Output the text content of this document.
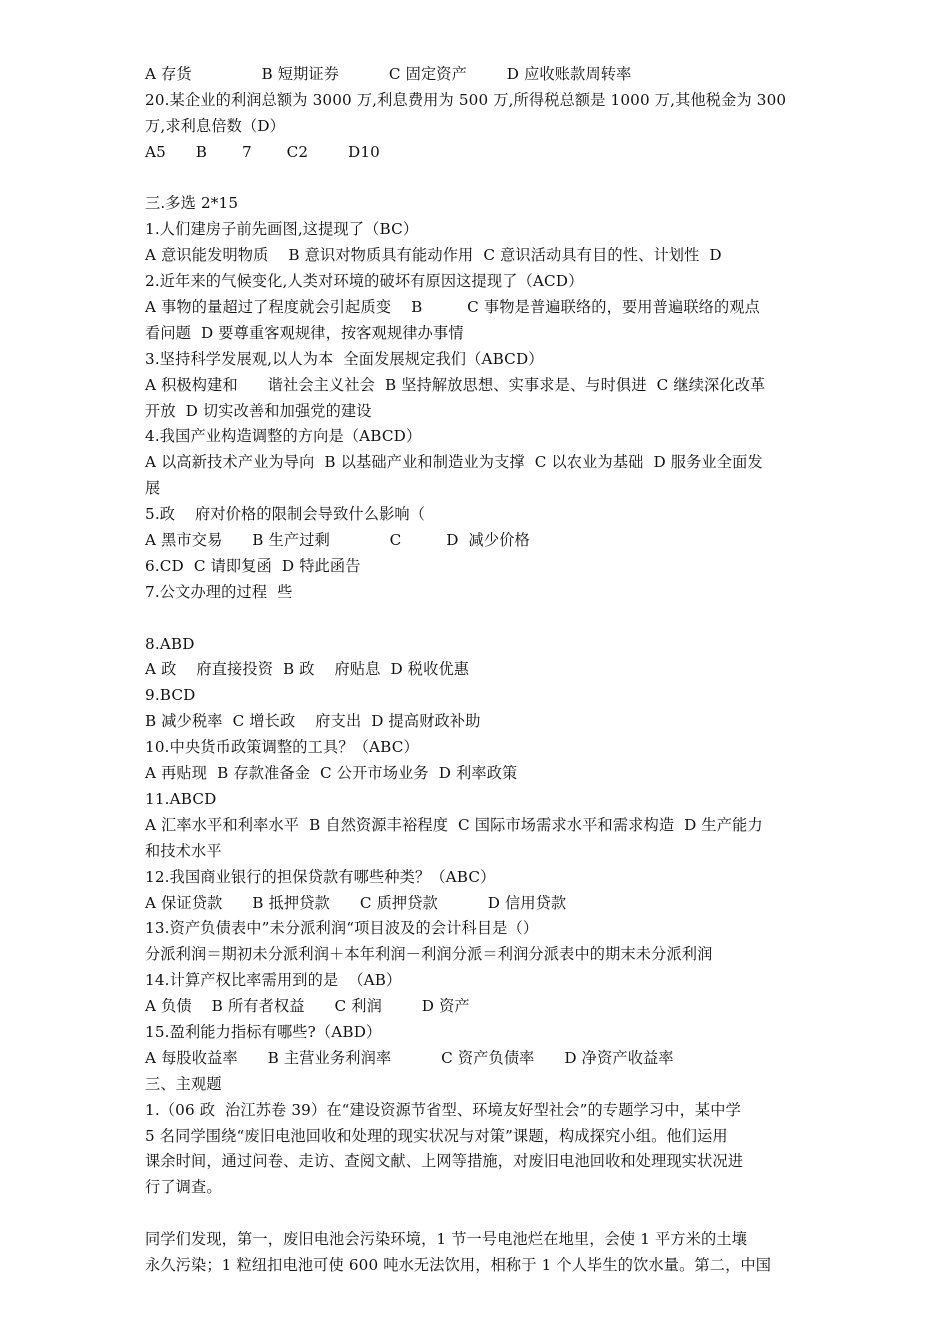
A 存货              B 短期证券          C 固定资产        D 应收账款周转率
20.某企业的利润总额为 3000 万,利息费用为 500 万,所得税总额是 1000 万,其他税金为 300
万,求利息倍数（D）
A5      B       7       C2        D10
三.多选 2*15
1.人们建房子前先画图,这提现了（BC）
A 意识能发明物质    B 意识对物质具有能动作用  C 意识活动具有目的性、计划性  D
2.近年来的气候变化,人类对环境的破坏有原因这提现了（ACD）
A 事物的量超过了程度就会引起质变    B         C 事物是普遍联络的，要用普遍联络的观点
看问题  D 要尊重客观规律，按客观规律办事情
3.坚持科学发展观,以人为本  全面发展规定我们（ABCD）
A 积极构建和      谐社会主义社会  B 坚持解放思想、实事求是、与时俱进  C 继续深化改革
开放  D 切实改善和加强党的建设
4.我国产业构造调整的方向是（ABCD）
A 以高新技术产业为导向  B 以基础产业和制造业为支撑  C 以农业为基础  D 服务业全面发
展
5.政    府对价格的限制会导致什么影响（
A 黑市交易      B 生产过剩            C         D  减少价格
6.CD  C 请即复函  D 特此函告
7.公文办理的过程  些
8.ABD
A 政    府直接投资  B 政    府贴息  D 税收优惠
9.BCD
B 减少税率  C 增长政    府支出  D 提高财政补助
10.中央货币政策调整的工具？（ABC）
A 再贴现  B 存款准备金  C 公开市场业务  D 利率政策
11.ABCD
A 汇率水平和利率水平  B 自然资源丰裕程度  C 国际市场需求水平和需求构造  D 生产能力
和技术水平
12.我国商业银行的担保贷款有哪些种类？（ABC）
A 保证贷款      B 抵押贷款      C 质押贷款          D 信用贷款
13.资产负债表中”未分派利润“项目波及的会计科目是（）
分派利润＝期初未分派利润＋本年利润－利润分派＝利润分派表中的期末未分派利润
14.计算产权比率需用到的是  （AB）
A 负债    B 所有者权益      C 利润        D 资产
15.盈利能力指标有哪些?（ABD）
A 每股收益率      B 主营业务利润率          C 资产负债率      D 净资产收益率
三、主观题
1.（06 政  治江苏卷 39）在“建设资源节省型、环境友好型社会”的专题学习中，某中学
5 名同学围绕“废旧电池回收和处理的现实状况与对策”课题，构成探究小组。他们运用
课余时间，通过问卷、走访、查阅文献、上网等措施，对废旧电池回收和处理现实状况进
行了调查。
同学们发现，第一，废旧电池会污染环境，1 节一号电池烂在地里，会使 1 平方米的土壤
永久污染；1 粒纽扣电池可使 600 吨水无法饮用，相称于 1 个人毕生的饮水量。第二，中国
